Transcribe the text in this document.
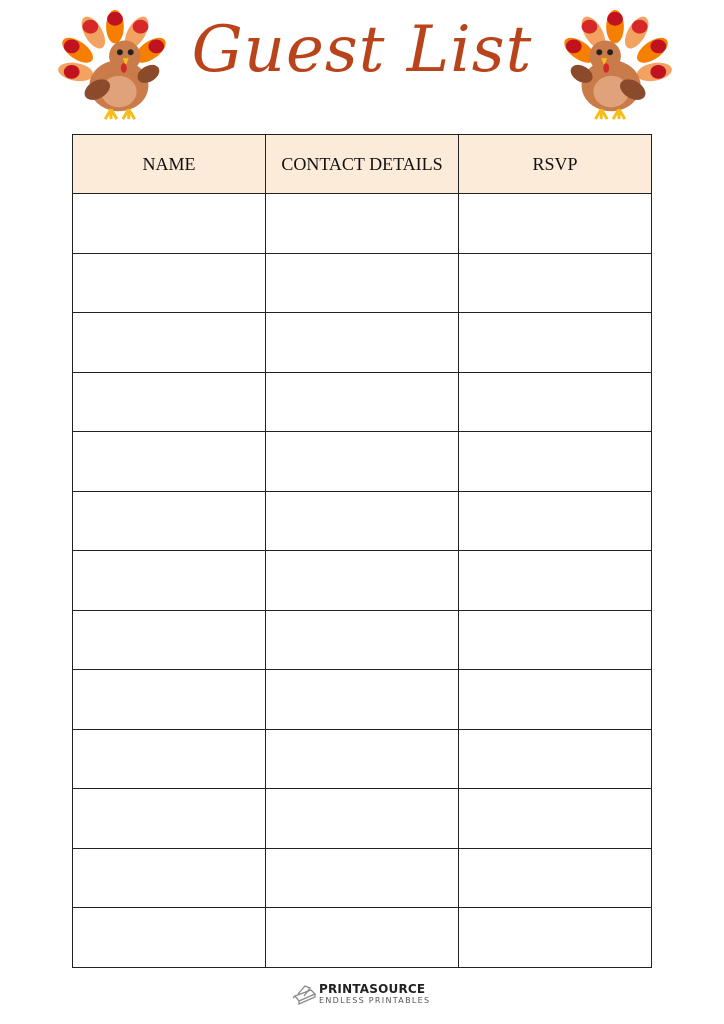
Guest List
NAME	CONTACT DETAILS	RSVP

PRINTASOURCE
ENDLESS PRINTABLES
